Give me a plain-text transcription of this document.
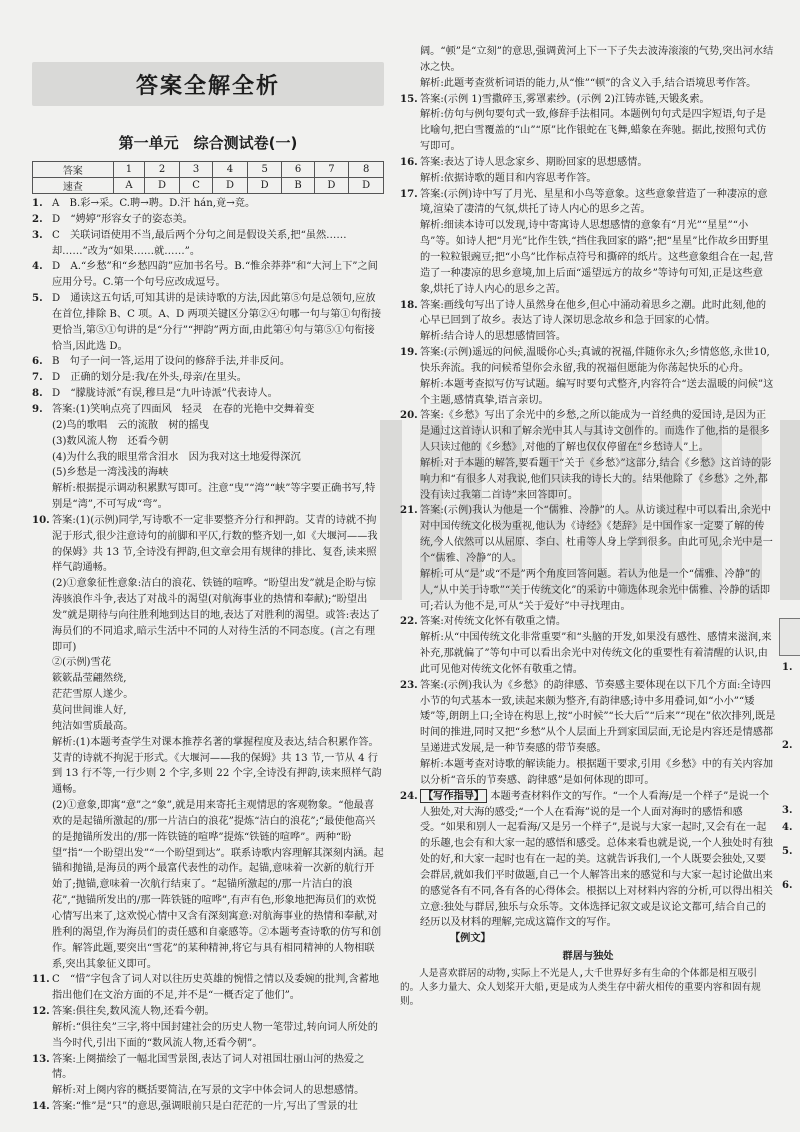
答案全解全析
第一单元　综合测试卷(一)
答案	1	2	3	4	5	6	7	8
速查	A	D	C	D	D	B	D	D
1. A　B.彩→采。C.聘→聘。D.汗 hán,竟→竞。
2. D　“娉婷”形容女子的姿态美。
3. C　关联词语使用不当,最后两个分句之间是假设关系,把“虽然……却……”改为“如果……就……”。
4. D　A.“乡愁”和“乡愁四韵”应加书名号。B.“惟余莽莽”和“大河上下”之间应用分号。C.第一个句号应改成逗号。
5. D　通读这五句话,可知其讲的是读诗歌的方法,因此第⑤句是总领句,应放在首位,排除 B、C 项。A、D 两项关键区分第②④句哪一句与第①句衔接更恰当,第⑤①句讲的是“分行”“押韵”两方面,由此第④句与第⑤①句衔接恰当,因此选 D。
6. B　句子一问一答,运用了设问的修辞手法,并非反问。
7. D　正确的划分是:我/在外头,母亲/在里头。
8. D　“朦胧诗派”有误,穆旦是“九叶诗派”代表诗人。
9. 答案:(1)笑响点亮了四面风　轻灵　在春的光艳中交舞着变
(2)鸟的歌唱　云的流散　树的摇曳
(3)数风流人物　还看今朝
(4)为什么我的眼里常含泪水　因为我对这土地爱得深沉
(5)乡愁是一湾浅浅的海峡
解析:根据提示调动积累默写即可。注意“曳”“湾”“峡”等字要正确书写,特别是“湾”,不可写成“弯”。
10. 答案:(1)(示例)同学,写诗歌不一定非要整齐分行和押韵。艾青的诗就不拘泥于形式,很少注意诗句的前脚和平仄,行数的整齐划一,如《大堰河——我的保姆》共 13 节,全诗没有押韵,但文章会用有规律的排比、复沓,读来照样气韵通畅。
(2)①意象征性意象:洁白的浪花、铁链的喧哗。“盼望出发”就是企盼与惊涛骇浪作斗争,表达了对战斗的渴望(对航海事业的热情和奉献);“盼望出发”就是期待与向往胜利地到达目的地,表达了对胜利的渴望。或答:表达了海员们的不同追求,暗示生活中不同的人对待生活的不同态度。(言之有理即可)
②(示例)雪花
簌簌晶莹翩然绕,
茫茫雪原人遂少。
莫问世间谁人好,
纯洁如雪质最高。
解析:(1)本题考查学生对课本推荐名著的掌握程度及表达,结合积累作答。艾青的诗就不拘泥于形式。《大堰河——我的保姆》共 13 节,一节从 4 行到 13 行不等,一行少则 2 个字,多则 22 个字,全诗没有押韵,读来照样气韵通畅。
(2)①意象,即寓“意”之“象”,就是用来寄托主观情思的客观物象。“他最喜欢的是起锚所激起的/那一片洁白的浪花”提炼“洁白的浪花”;“最使他高兴的是抛锚所发出的/那一阵铁链的喧哗”提炼“铁链的喧哗”。两种“盼望”指“一个盼望出发”“一个盼望到达”。联系诗歌内容理解其深刻内涵。起锚和抛锚,是海员的两个最富代表性的动作。起锚,意味着一次新的航行开始了;抛锚,意味着一次航行结束了。“起锚所激起的/那一片洁白的浪花”,“抛锚所发出的/那一阵铁链的喧哗”,有声有色,形象地把海员们的欢悦心情写出来了,这欢悦心情中又含有深刻寓意:对航海事业的热情和奉献,对胜利的渴望,作为海员们的责任感和自豪感等。②本题考查诗歌的仿写和创作。解答此题,要突出“雪花”的某种精神,将它与具有相同精神的人物相联系,突出其象征义即可。
11. C　“惜”字包含了词人对以往历史英雄的惋惜之情以及委婉的批判,含蓄地指出他们在文治方面的不足,并不是“一概否定了他们”。
12. 答案:俱往矣,数风流人物,还看今朝。
解析:“俱往矣”三字,将中国封建社会的历史人物一笔带过,转向词人所处的当今时代,引出下面的“数风流人物,还看今朝”。
13. 答案:上阕描绘了一幅北国雪景图,表达了词人对祖国壮丽山河的热爱之情。
解析:对上阕内容的概括要简洁,在写景的文字中体会词人的思想感情。
14. 答案:“惟”是“只”的意思,强调眼前只是白茫茫的一片,写出了雪景的壮
阔。“顿”是“立刻”的意思,强调黄河上下一下子失去波涛滚滚的气势,突出河水结冰之快。
解析:此题考查赏析词语的能力,从“惟”“顿”的含义入手,结合语境思考作答。
15. 答案:(示例 1)雪撒碎玉,雾罩素纱。(示例 2)江铸赤链,天锻炙索。
解析:仿句与例句要句式一致,修辞手法相同。本题例句句式是四字短语,句子是比喻句,把白雪覆盖的“山”“原”比作银蛇在飞舞,蜡象在奔驰。据此,按照句式仿写即可。
16. 答案:表达了诗人思念家乡、期盼回家的思想感情。
解析:依据诗歌的题目和内容思考作答。
17. 答案:(示例)诗中写了月光、星星和小鸟等意象。这些意象营造了一种凄凉的意境,渲染了凄清的气氛,烘托了诗人内心的思乡之苦。
解析:细读本诗可以发现,诗中寄寓诗人思想感情的意象有“月光”“星星”“小鸟”等。如诗人把“月光”比作生铁,“挡住我回家的路”;把“星星”比作故乡田野里的一粒粒银豌豆;把“小鸟”比作标点符号和撕碎的纸片。这些意象组合在一起,营造了一种凄凉的思乡意境,加上后面“遥望远方的故乡”等诗句可知,正是这些意象,烘托了诗人内心的思乡之苦。
18. 答案:画线句写出了诗人虽然身在他乡,但心中涌动着思乡之潮。此时此刻,他的心早已回到了故乡。表达了诗人深切思念故乡和急于回家的心情。
解析:结合诗人的思想感情回答。
19. 答案:(示例)遥远的问候,温暖你心头;真诚的祝福,伴随你永久;乡情悠悠,永世10,快乐奔流。我的问候希望你会永留,我的祝福但愿能为你荡起快乐的心舟。
解析:本题考查拟写仿写试题。编写时要句式整齐,内容符合“送去温暖的问候”这个主题,感情真挚,语言亲切。
20. 答案:《乡愁》写出了余光中的乡愁,之所以能成为一首经典的爱国诗,是因为正是通过这首诗认识和了解余光中其人与其诗文创作的。而选作了他,指的是很多人只读过他的《乡愁》,对他的了解也仅仅停留在“乡愁诗人”上。
解析:对于本题的解答,要看题干“关于《乡愁》”这部分,结合《乡愁》这首诗的影响力和“有很多人对我说,他们只读我的诗长大的。结果他除了《乡愁》之外,都没有读过我第二首诗”来回答即可。
21. 答案:(示例)我认为他是一个“儒雅、冷静”的人。从访谈过程中可以看出,余光中对中国传统文化极为重视,他认为《诗经》《楚辞》是中国作家一定要了解的传统,今人依然可以从屈原、李白、杜甫等人身上学到很多。由此可见,余光中是一个“儒雅、冷静”的人。
解析:可从“是”或“不是”两个角度回答问题。若认为他是一个“儒雅、冷静”的人,“从中关于诗歌”“关于传统文化”的采访中筛选体现余光中儒雅、冷静的话即可;若认为他不是,可从“关于爱好”中寻找理由。
22. 答案:对传统文化怀有敬重之情。
解析:从“中国传统文化非常重要”和“头脑的开发,如果没有感性、感情来滋润,来补充,那就偏了”等句中可以看出余光中对传统文化的重要性有着清醒的认识,由此可见他对传统文化怀有敬重之情。
23. 答案:(示例)我认为《乡愁》的韵律感、节奏感主要体现在以下几个方面:全诗四小节的句式基本一致,读起来颇为整齐,有韵律感;诗中多用叠词,如“小小”“矮矮”等,朗朗上口;全诗在构思上,按“小时候”“长大后”“后来”“现在”依次排列,既是时间的推进,同时又把“乡愁”从个人层面上升到家国层面,无论是内容还是情感都呈递进式发展,是一种节奏感的带节奏感。
解析:本题考查对诗歌的解读能力。根据题干要求,引用《乡愁》中的有关内容加以分析“音乐的节奏感、韵律感”是如何体现的即可。
24. 【写作指导】 本题考查材料作文的写作。“一个人看海/是一个样子”是说一个人独处,对大海的感受;“一个人在看海”说的是一个人面对海时的感悟和感受。“如果和别人一起看海/又是另一个样子”,是说与大家一起时,又会有在一起的乐趣,也会有和大家一起的感悟和感受。总体来看也就是说,一个人独处时有独处的好,和大家一起时也有在一起的美。这就告诉我们,一个人既要会独处,又要会群居,就如我们平时做题,自己一个人解答出来的感觉和与大家一起讨论做出来的感觉各有不同,各有各的心得体会。根据以上对材料内容的分析,可以得出相关立意:独处与群居,独乐与众乐等。文体选择记叙文或是议论文都可,结合自己的经历以及材料的理解,完成这篇作文的写作。
【例文】
群居与独处
人是喜欢群居的动物,实际上不光是人,大千世界好多有生命的个体都是相互吸引的。人多力量大、众人划桨开大船,更是成为人类生存中薪火相传的重要内容和固有规则。
1.
2.
3.
4.
5.
6.
